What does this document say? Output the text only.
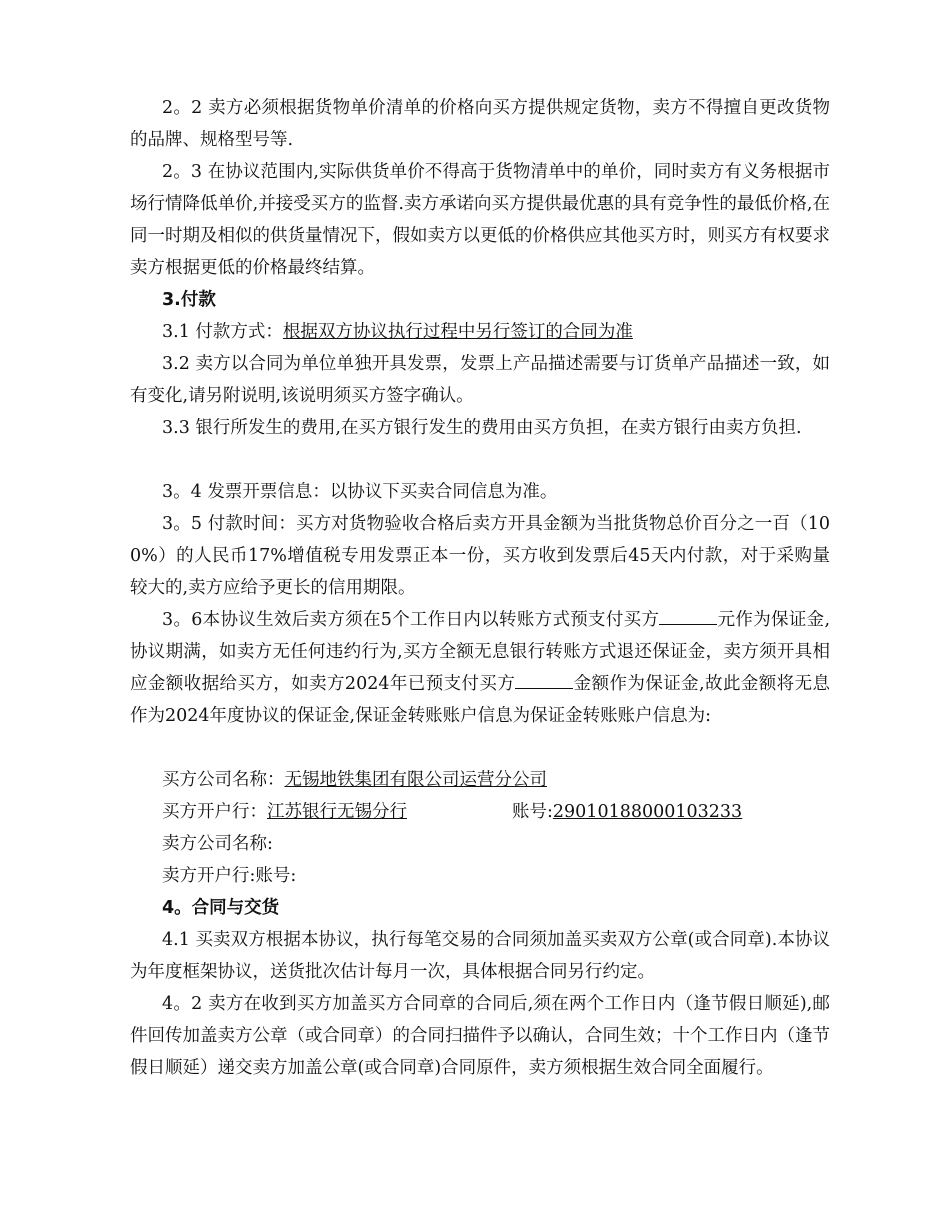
2。2 卖方必须根据货物单价清单的价格向买方提供规定货物，卖方不得擅自更改货物的品牌、规格型号等.
2。3 在协议范围内,实际供货单价不得高于货物清单中的单价，同时卖方有义务根据市场行情降低单价,并接受买方的监督.卖方承诺向买方提供最优惠的具有竞争性的最低价格,在同一时期及相似的供货量情况下，假如卖方以更低的价格供应其他买方时，则买方有权要求卖方根据更低的价格最终结算。
3.付款
3.1 付款方式：根据双方协议执行过程中另行签订的合同为准
3.2 卖方以合同为单位单独开具发票，发票上产品描述需要与订货单产品描述一致，如有变化,请另附说明,该说明须买方签字确认。
3.3 银行所发生的费用,在买方银行发生的费用由买方负担，在卖方银行由卖方负担.
3。4 发票开票信息：以协议下买卖合同信息为准。
3。5 付款时间：买方对货物验收合格后卖方开具金额为当批货物总价百分之一百（100%）的人民币17%增值税专用发票正本一份，买方收到发票后45天内付款，对于采购量较大的,卖方应给予更长的信用期限。
3。6本协议生效后卖方须在5个工作日内以转账方式预支付买方	元作为保证金,协议期满，如卖方无任何违约行为,买方全额无息银行转账方式退还保证金，卖方须开具相应金额收据给买方，如卖方2024年已预支付买方	金额作为保证金,故此金额将无息作为2024年度协议的保证金,保证金转账账户信息为保证金转账账户信息为:
买方公司名称：无锡地铁集团有限公司运营分公司
买方开户行：江苏银行无锡分行	账号:29010188000103233
卖方公司名称:
卖方开户行:账号:
4。合同与交货
4.1 买卖双方根据本协议，执行每笔交易的合同须加盖买卖双方公章(或合同章).本协议为年度框架协议，送货批次估计每月一次，具体根据合同另行约定。
4。2 卖方在收到买方加盖买方合同章的合同后,须在两个工作日内（逢节假日顺延),邮件回传加盖卖方公章（或合同章）的合同扫描件予以确认，合同生效；十个工作日内（逢节假日顺延）递交卖方加盖公章(或合同章)合同原件，卖方须根据生效合同全面履行。
